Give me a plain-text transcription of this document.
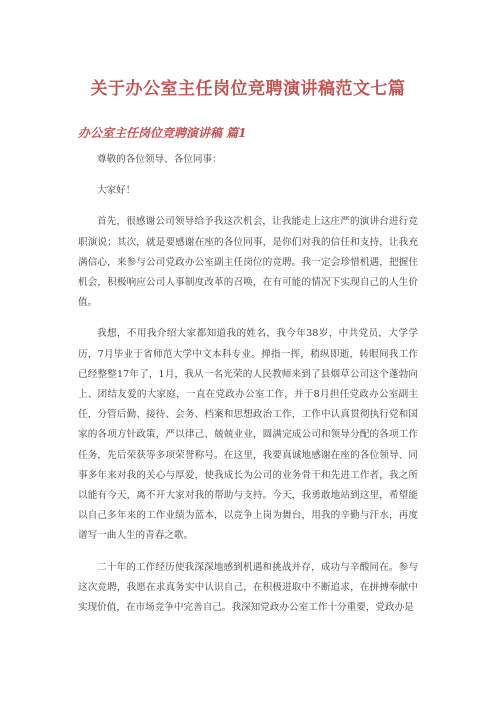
关于办公室主任岗位竞聘演讲稿范文七篇
办公室主任岗位竞聘演讲稿 篇1

尊敬的各位领导、各位同事：

大家好！

首先，很感谢公司领导给予我这次机会，让我能走上这庄严的演讲台进行竞职演说；其次，就是要感谢在座的各位同事，是你们对我的信任和支持，让我充满信心，来参与公司党政办公室副主任岗位的竞聘。我一定会珍惜机遇，把握住机会，积极响应公司人事制度改革的召唤，在有可能的情况下实现自己的人生价值。

我想，不用我介绍大家都知道我的姓名，我今年38岁，中共党员，大学学历，7月毕业于省师范大学中文本科专业。掸指一挥，稍纵即逝，转眼间我工作已经整整17年了，1月，我从一名光荣的人民教师来到了县烟草公司这个蓬勃向上、团结友爱的大家庭，一直在党政办公室工作，并于8月担任党政办公室副主任，分管后勤、接待、会务、档案和思想政治工作，工作中认真贯彻执行党和国家的各项方针政策，严以律己、兢兢业业，圆满完成公司和领导分配的各项工作任务，先后荣获等多项荣誉称号。在这里，我要真诚地感谢在座的各位领导、同事多年来对我的关心与厚爱，使我成长为公司的业务骨干和先进工作者，我之所以能有今天，离不开大家对我的帮助与支持。今天，我勇敢地站到这里，希望能以自己多年来的工作业绩为蓝本，以竞争上岗为舞台，用我的辛勤与汗水，再度谱写一曲人生的青春之歌。

二十年的工作经历使我深深地感到机遇和挑战并存，成功与辛酸同在。参与这次竞聘，我愿在求真务实中认识自己，在积极进取中不断追求，在拼搏奉献中实现价值，在市场竞争中完善自己。我深知党政办公室工作十分重要，党政办是
